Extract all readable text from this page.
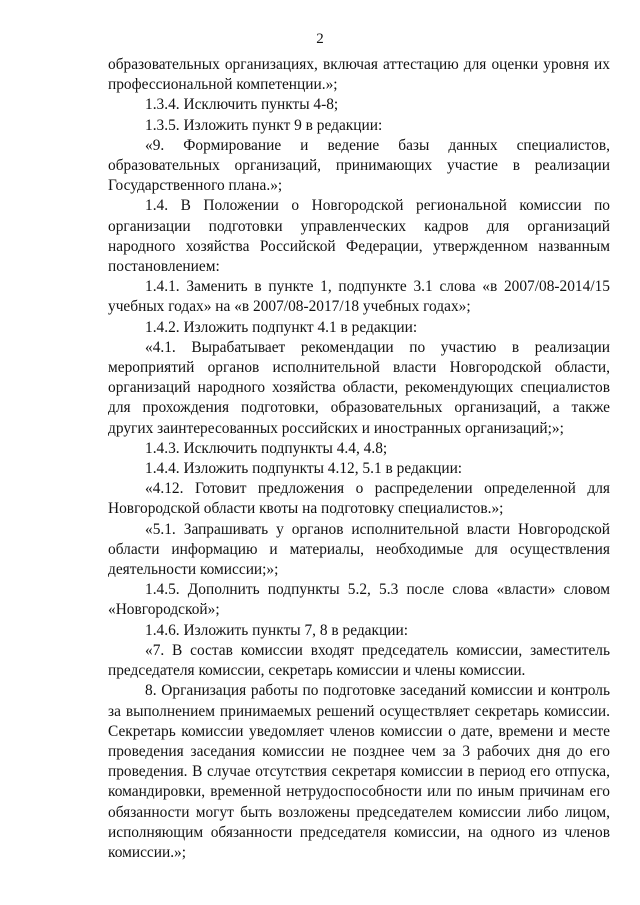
2

образовательных организациях, включая аттестацию для оценки уровня их профессиональной компетенции.»;

1.3.4. Исключить пункты 4-8;

1.3.5. Изложить пункт 9 в редакции:

«9. Формирование и ведение базы данных специалистов, образовательных организаций, принимающих участие в реализации Государственного плана.»;

1.4. В Положении о Новгородской региональной комиссии по организации подготовки управленческих кадров для организаций народного хозяйства Российской Федерации, утвержденном названным постановлением:

1.4.1. Заменить в пункте 1, подпункте 3.1 слова «в 2007/08-2014/15 учебных годах» на «в 2007/08-2017/18 учебных годах»;

1.4.2. Изложить подпункт 4.1 в редакции:

«4.1. Вырабатывает рекомендации по участию в реализации мероприятий органов исполнительной власти Новгородской области, организаций народного хозяйства области, рекомендующих специалистов для прохождения подготовки, образовательных организаций, а также других заинтересованных российских и иностранных организаций;»;

1.4.3. Исключить подпункты 4.4, 4.8;

1.4.4. Изложить подпункты 4.12, 5.1 в редакции:

«4.12. Готовит предложения о распределении определенной для Новгородской области квоты на подготовку специалистов.»;

«5.1. Запрашивать у органов исполнительной власти Новгородской области информацию и материалы, необходимые для осуществления деятельности комиссии;»;

1.4.5. Дополнить подпункты 5.2, 5.3 после слова «власти» словом «Новгородской»;

1.4.6. Изложить пункты 7, 8 в редакции:

«7. В состав комиссии входят председатель комиссии, заместитель председателя комиссии, секретарь комиссии и члены комиссии.

8. Организация работы по подготовке заседаний комиссии и контроль за выполнением принимаемых решений осуществляет секретарь комиссии. Секретарь комиссии уведомляет членов комиссии о дате, времени и месте проведения заседания комиссии не позднее чем за 3 рабочих дня до его проведения. В случае отсутствия секретаря комиссии в период его отпуска, командировки, временной нетрудоспособности или по иным причинам его обязанности могут быть возложены председателем комиссии либо лицом, исполняющим обязанности председателя комиссии, на одного из членов комиссии.»;
